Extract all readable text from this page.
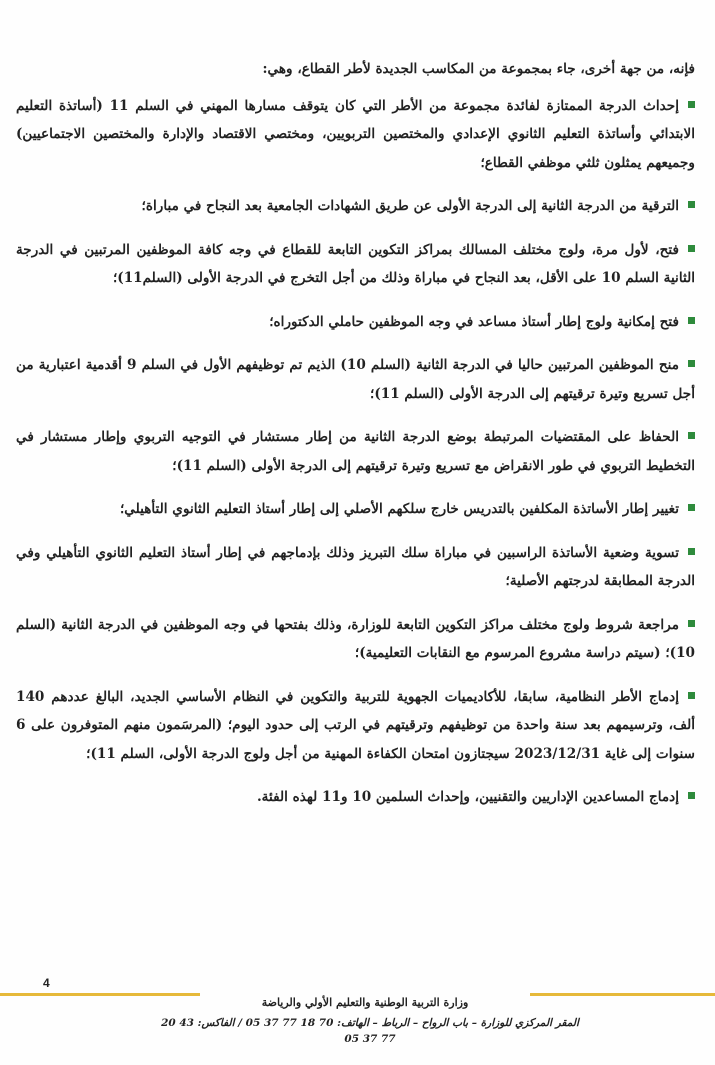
فإنه، من جهة أخرى، جاء بمجموعة من المكاسب الجديدة لأطر القطاع، وهي:

إحداث الدرجة الممتازة لفائدة مجموعة من الأطر التي كان يتوقف مسارها المهني في السلم 11 (أساتذة التعليم الابتدائي وأساتذة التعليم الثانوي الإعدادي والمختصين التربويين، ومختصي الاقتصاد والإدارة والمختصين الاجتماعيين) وجميعهم يمثلون ثلثي موظفي القطاع؛

الترقية من الدرجة الثانية إلى الدرجة الأولى عن طريق الشهادات الجامعية بعد النجاح في مباراة؛

فتح، لأول مرة، ولوج مختلف المسالك بمراكز التكوين التابعة للقطاع في وجه كافة الموظفين المرتبين في الدرجة الثانية السلم 10 على الأقل، بعد النجاح في مباراة وذلك من أجل التخرج في الدرجة الأولى (السلم11)؛

فتح إمكانية ولوج إطار أستاذ مساعد في وجه الموظفين حاملي الدكتوراه؛

منح الموظفين المرتبين حاليا في الدرجة الثانية (السلم 10) الذيم تم توظيفهم الأول في السلم 9 أقدمية اعتبارية من أجل تسريع وتيرة ترقيتهم إلى الدرجة الأولى (السلم 11)؛

الحفاظ على المقتضيات المرتبطة بوضع الدرجة الثانية من إطار مستشار في التوجيه التربوي وإطار مستشار في التخطيط التربوي في طور الانقراض مع تسريع وتيرة ترقيتهم إلى الدرجة الأولى (السلم 11)؛

تغيير إطار الأساتذة المكلفين بالتدريس خارج سلكهم الأصلي إلى إطار أستاذ التعليم الثانوي التأهيلي؛

تسوية وضعية الأساتذة الراسبين في مباراة سلك التبريز وذلك بإدماجهم في إطار أستاذ التعليم الثانوي التأهيلي وفي الدرجة المطابقة لدرجتهم الأصلية؛

مراجعة شروط ولوج مختلف مراكز التكوين التابعة للوزارة، وذلك بفتحها في وجه الموظفين في الدرجة الثانية (السلم 10)؛ (سيتم دراسة مشروع المرسوم مع النقابات التعليمية)؛

إدماج الأطر النظامية، سابقا، للأكاديميات الجهوية للتربية والتكوين في النظام الأساسي الجديد، البالغ عددهم 140 ألف، وترسيمهم بعد سنة واحدة من توظيفهم وترقيتهم في الرتب إلى حدود اليوم؛ (المرسَمون منهم المتوفرون على 6 سنوات إلى غاية 2023/12/31 سيجتازون امتحان الكفاءة المهنية من أجل ولوج الدرجة الأولى، السلم 11)؛

إدماج المساعدين الإداريين والتقنيين، وإحداث السلمين 10 و11 لهذه الفئة.

4
وزارة التربية الوطنية والتعليم الأولي والرياضة
المقر المركزي للوزارة – باب الرواح – الرباط – الهاتف: 70 18 77 37 05 / الفاكس: 43 20 77 37 05
